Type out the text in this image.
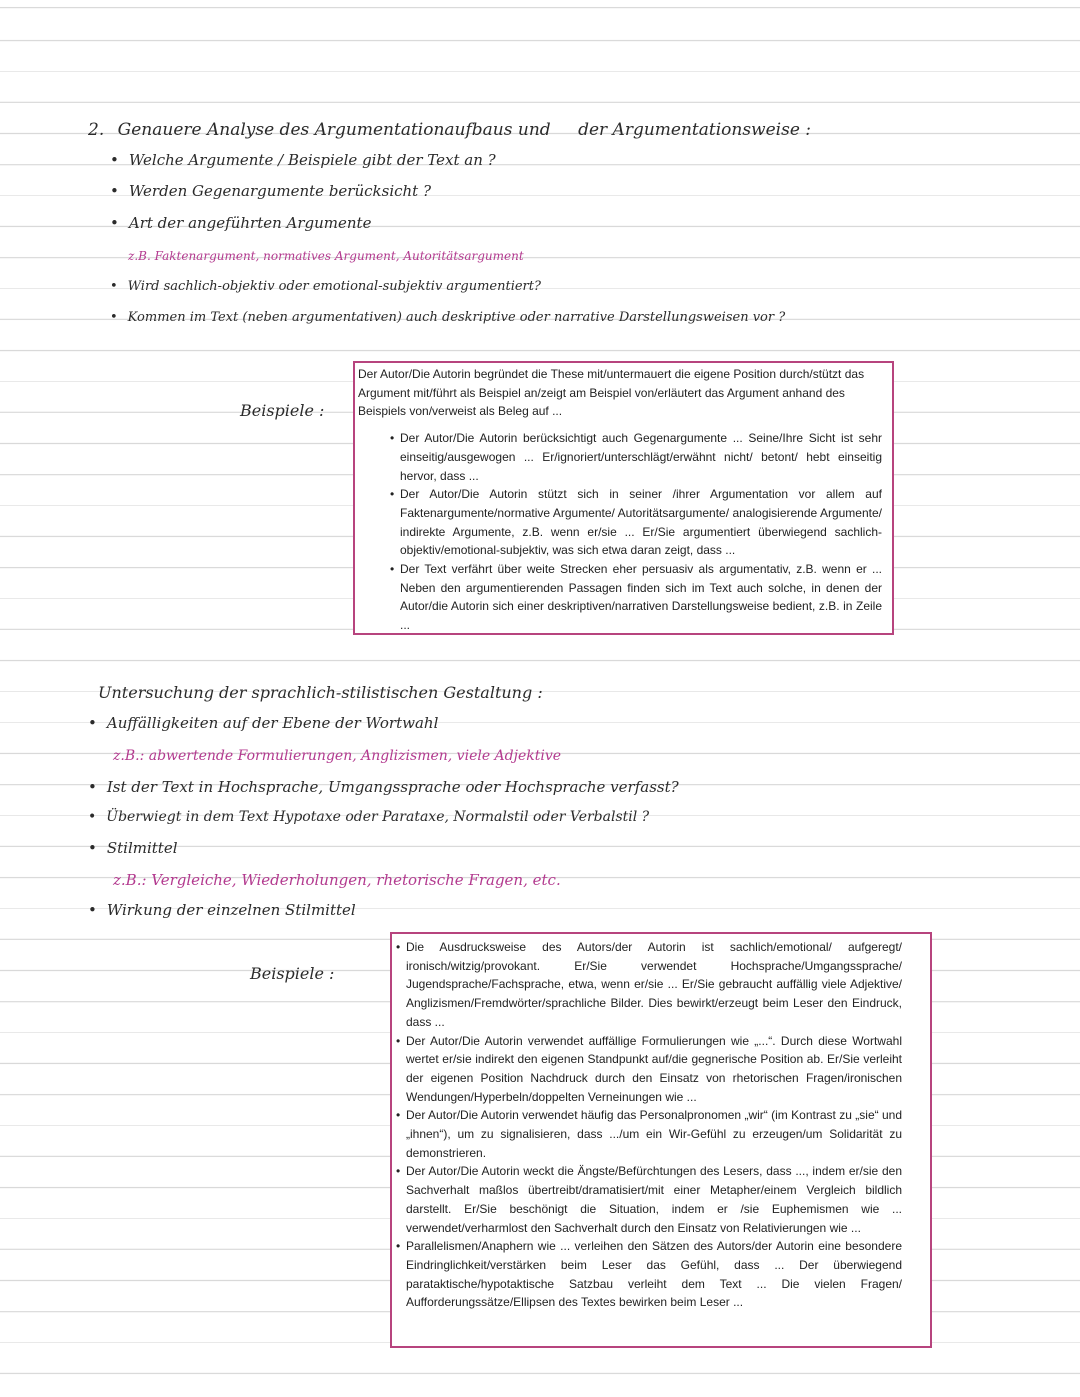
2. Genauere Analyse des Argumentationaufbaus und der Argumentationsweise :
• Welche Argumente / Beispiele gibt der Text an ?
• Werden Gegenargumente berücksicht ?
• Art der angeführten Argumente
z.B. Faktenargument, normatives Argument, Autoritätsargument
• Wird sachlich-objektiv oder emotional-subjektiv argumentiert?
• Kommen im Text (neben argumentativen) auch deskriptive oder narrative Darstellungsweisen vor ?
Beispiele :

Der Autor/Die Autorin begründet die These mit/untermauert die eigene Position durch/stützt das Argument mit/führt als Beispiel an/zeigt am Beispiel von/erläutert das Argument anhand des Beispiels von/verweist als Beleg auf ...

• Der Autor/Die Autorin berücksichtigt auch Gegenargumente ... Seine/Ihre Sicht ist sehr einseitig/ausgewogen ... Er/ignoriert/unterschlägt/erwähnt nicht/ betont/ hebt einseitig hervor, dass ...
• Der Autor/Die Autorin stützt sich in seiner /ihrer Argumentation vor allem auf Faktenargumente/normative Argumente/ Autoritätsargumente/ analogisierende Argumente/ indirekte Argumente, z.B. wenn er/sie ... Er/Sie argumentiert überwiegend sachlich-objektiv/emotional-subjektiv, was sich etwa daran zeigt, dass ...
• Der Text verfährt über weite Strecken eher persuasiv als argumentativ, z.B. wenn er ... Neben den argumentierenden Passagen finden sich im Text auch solche, in denen der Autor/die Autorin sich einer deskriptiven/narrativen Darstellungsweise bedient, z.B. in Zeile ...
Untersuchung der sprachlich-stilistischen Gestaltung :
• Auffälligkeiten auf der Ebene der Wortwahl
z.B.: abwertende Formulierungen, Anglizismen, viele Adjektive
• Ist der Text in Hochsprache, Umgangssprache oder Hochsprache verfasst?
• Überwiegt in dem Text Hypotaxe oder Parataxe, Normalstil oder Verbalstil ?
• Stilmittel
z.B.: Vergleiche, Wiederholungen, rhetorische Fragen, etc.
• Wirkung der einzelnen Stilmittel
Beispiele :
• Die Ausdrucksweise des Autors/der Autorin ist sachlich/emotional/ aufgeregt/ ironisch/witzig/provokant. Er/Sie verwendet Hochsprache/Umgangssprache/ Jugendsprache/Fachsprache, etwa, wenn er/sie ... Er/Sie gebraucht auffällig viele Adjektive/ Anglizismen/Fremdwörter/sprachliche Bilder. Dies bewirkt/erzeugt beim Leser den Eindruck, dass ...
• Der Autor/Die Autorin verwendet auffällige Formulierungen wie „...“. Durch diese Wortwahl wertet er/sie indirekt den eigenen Standpunkt auf/die gegnerische Position ab. Er/Sie verleiht der eigenen Position Nachdruck durch den Einsatz von rhetorischen Fragen/ironischen Wendungen/Hyperbeln/doppelten Verneinungen wie ...
• Der Autor/Die Autorin verwendet häufig das Personalpronomen „wir“ (im Kontrast zu „sie“ und „ihnen“), um zu signalisieren, dass .../um ein Wir-Gefühl zu erzeugen/um Solidarität zu demonstrieren.
• Der Autor/Die Autorin weckt die Ängste/Befürchtungen des Lesers, dass ..., indem er/sie den Sachverhalt maßlos übertreibt/dramatisiert/mit einer Metapher/einem Vergleich bildlich darstellt. Er/Sie beschönigt die Situation, indem er /sie Euphemismen wie ... verwendet/verharmlost den Sachverhalt durch den Einsatz von Relativierungen wie ...
• Parallelismen/Anaphern wie ... verleihen den Sätzen des Autors/der Autorin eine besondere Eindringlichkeit/verstärken beim Leser das Gefühl, dass ... Der überwiegend parataktische/hypotaktische Satzbau verleiht dem Text ... Die vielen Fragen/ Aufforderungssätze/Ellipsen des Textes bewirken beim Leser ...
